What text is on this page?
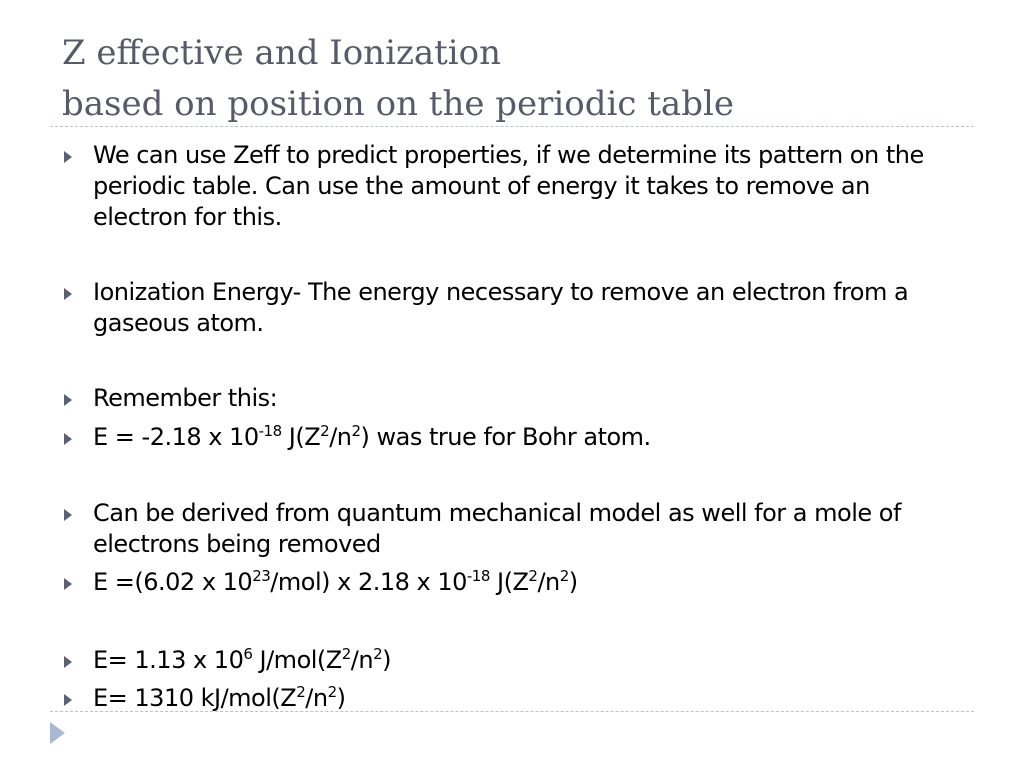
Z effective and Ionization
based on position on the periodic table
We can use Zeff to predict properties, if we determine its pattern on the periodic table. Can use the amount of energy it takes to remove an electron for this.
Ionization Energy- The energy necessary to remove an electron from a gaseous atom.
Remember this:
E = -2.18 x $10^{-18}$ $J(Z^2/n^2)$ was true for Bohr atom.
Can be derived from quantum mechanical model as well for a mole of electrons being removed
E =(6.02 x $10^{23}/mol$) x 2.18 x $10^{-18}$ $J(Z^2/n^2)$
E= 1.13 x $10^6$ $J/mol(Z^2/n^2)$
E= 1310 $kJ/mol(Z^2/n^2)$
